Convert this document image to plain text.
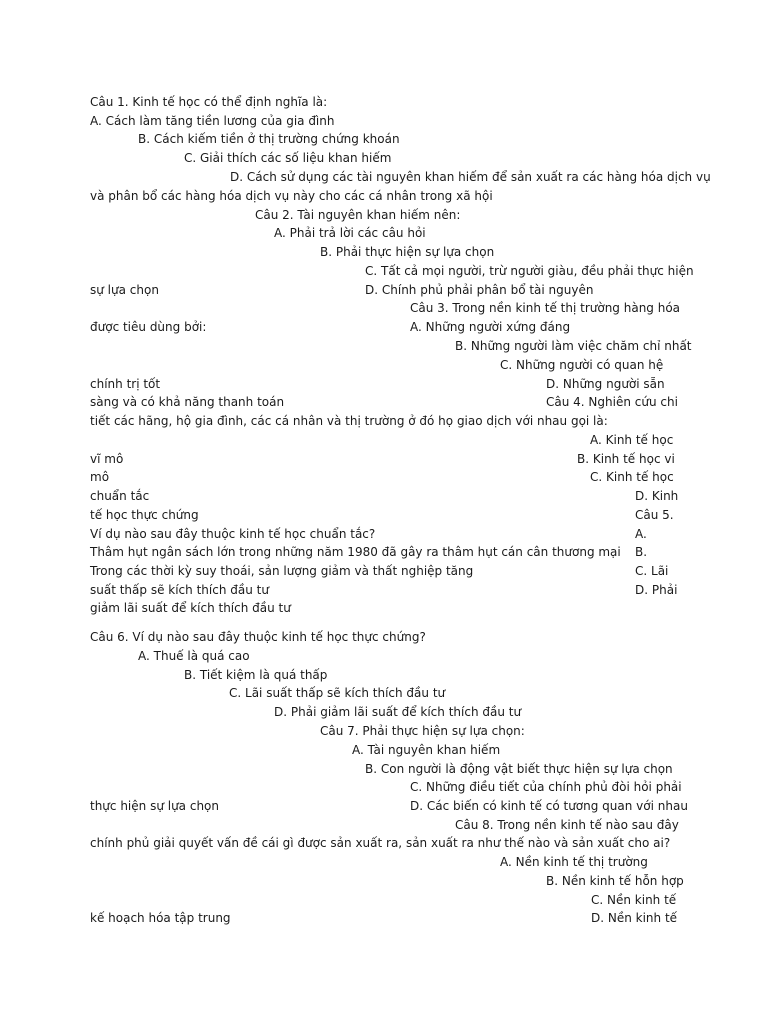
Câu 1. Kinh tế học có thể định nghĩa là:

A. Cách làm tăng tiền lương của gia đình

B. Cách kiếm tiền ở thị trường chứng khoán

C. Giải thích các số liệu khan hiếm

D. Cách sử dụng các tài nguyên khan hiếm để sản xuất ra các hàng hóa dịch vụ

và phân bổ các hàng hóa dịch vụ này cho các cá nhân trong xã hội

Câu 2. Tài nguyên khan hiếm nên:

A. Phải trả lời các câu hỏi

B. Phải thực hiện sự lựa chọn

C. Tất cả mọi người, trừ người giàu, đều phải thực hiện

sự lựa chọn	D. Chính phủ phải phân bổ tài nguyên

Câu 3. Trong nền kinh tế thị trường hàng hóa

được tiêu dùng bởi:	A. Những người xứng đáng

B. Những người làm việc chăm chỉ nhất

C. Những người có quan hệ

chính trị tốt	D. Những người sẵn

sàng và có khả năng thanh toán	Câu 4. Nghiên cứu chi

tiết các hãng, hộ gia đình, các cá nhân và thị trường ở đó họ giao dịch với nhau gọi là:

A. Kinh tế học

vĩ mô	B. Kinh tế học vi

mô	C. Kinh tế học

chuẩn tắc	D. Kinh

tế học thực chứng	Câu 5.

Ví dụ nào sau đây thuộc kinh tế học chuẩn tắc?	A.

Thâm hụt ngân sách lớn trong những năm 1980 đã gây ra thâm hụt cán cân thương mại B.

Trong các thời kỳ suy thoái, sản lượng giảm và thất nghiệp tăng	C. Lãi

suất thấp sẽ kích thích đầu tư	D. Phải

giảm lãi suất để kích thích đầu tư

Câu 6. Ví dụ nào sau đây thuộc kinh tế học thực chứng?

A. Thuế là quá cao

B. Tiết kiệm là quá thấp

C. Lãi suất thấp sẽ kích thích đầu tư

D. Phải giảm lãi suất để kích thích đầu tư

Câu 7. Phải thực hiện sự lựa chọn:

A. Tài nguyên khan hiếm

B. Con người là động vật biết thực hiện sự lựa chọn

C. Những điều tiết của chính phủ đòi hỏi phải

thực hiện sự lựa chọn	D. Các biến có kinh tế có tương quan với nhau

Câu 8. Trong nền kinh tế nào sau đây

chính phủ giải quyết vấn đề cái gì được sản xuất ra, sản xuất ra như thế nào và sản xuất cho ai?

A. Nền kinh tế thị trường

B. Nền kinh tế hỗn hợp

C. Nền kinh tế

kế hoạch hóa tập trung	D. Nền kinh tế
